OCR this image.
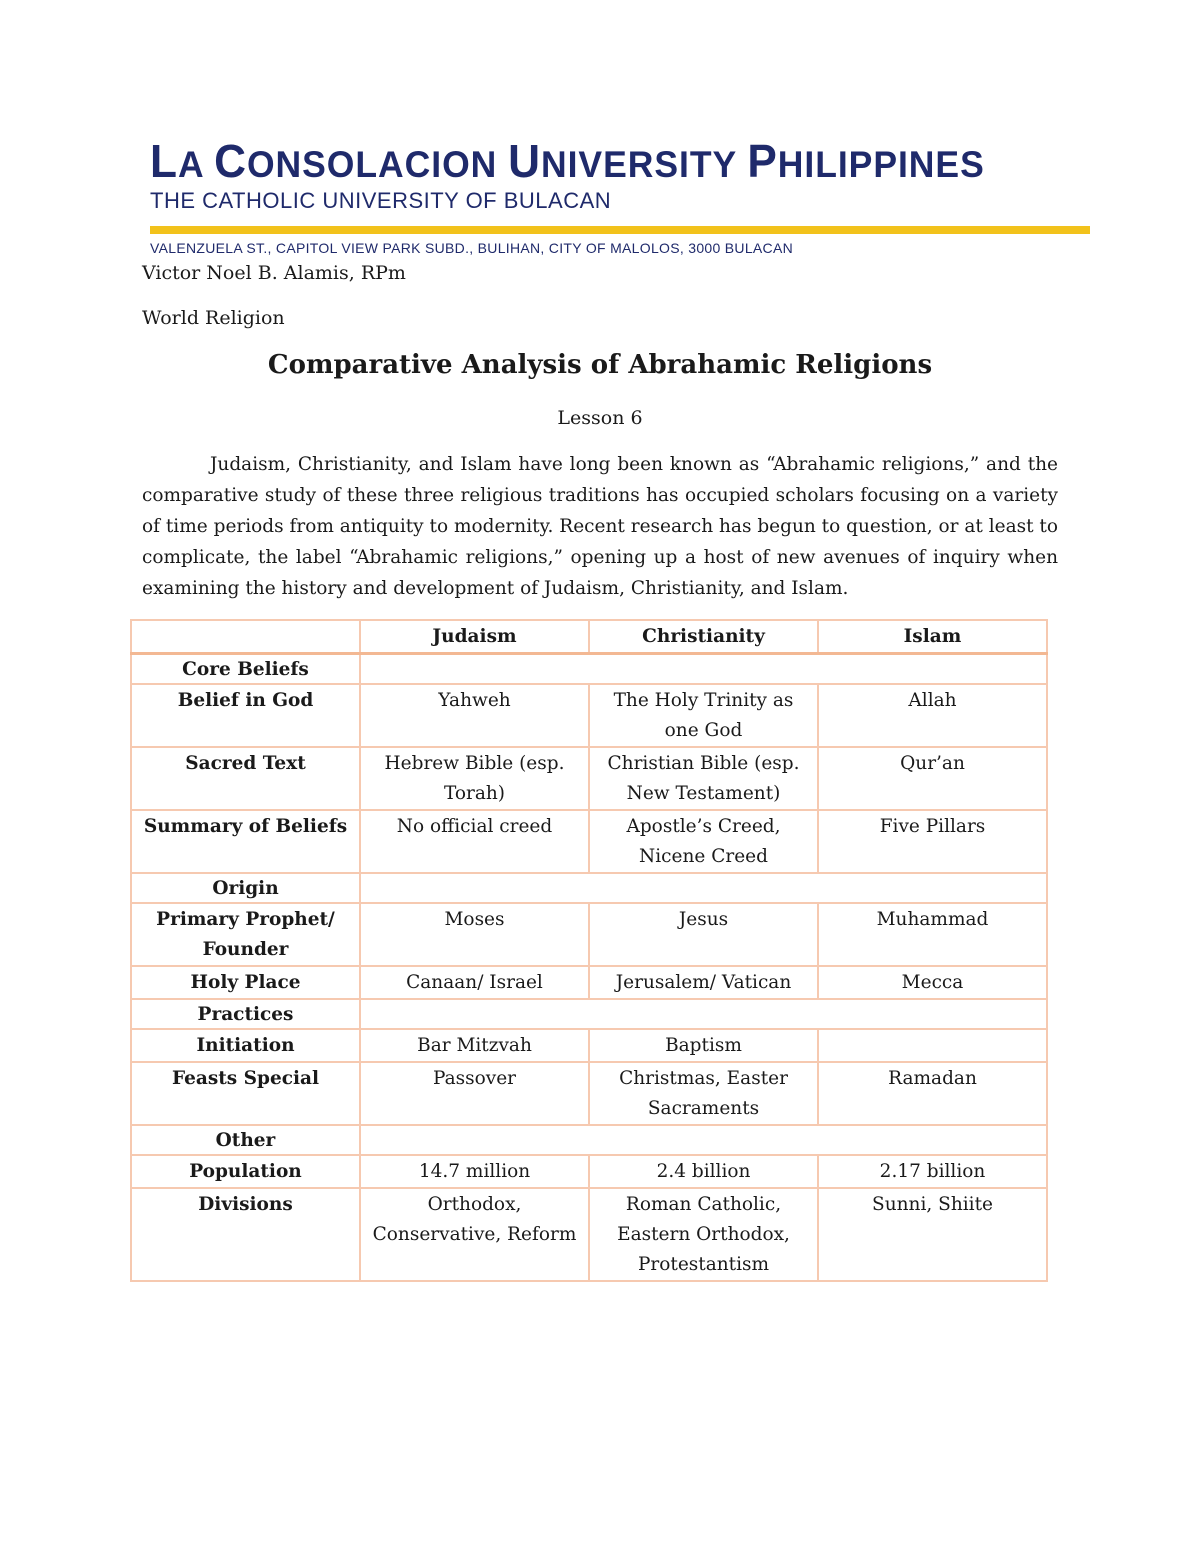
LA CONSOLACION UNIVERSITY PHILIPPINES
THE CATHOLIC UNIVERSITY OF BULACAN
VALENZUELA ST., CAPITOL VIEW PARK SUBD., BULIHAN, CITY OF MALOLOS, 3000 BULACAN
Victor Noel B. Alamis, RPm
World Religion
Comparative Analysis of Abrahamic Religions
Lesson 6

Judaism, Christianity, and Islam have long been known as “Abrahamic religions,” and the comparative study of these three religious traditions has occupied scholars focusing on a variety of time periods from antiquity to modernity. Recent research has begun to question, or at least to complicate, the label “Abrahamic religions,” opening up a host of new avenues of inquiry when examining the history and development of Judaism, Christianity, and Islam.

	Judaism	Christianity	Islam
Core Beliefs			
Belief in God	Yahweh	The Holy Trinity as one God	Allah
Sacred Text	Hebrew Bible (esp. Torah)	Christian Bible (esp. New Testament)	Qur’an
Summary of Beliefs	No official creed	Apostle’s Creed, Nicene Creed	Five Pillars
Origin			
Primary Prophet/ Founder	Moses	Jesus	Muhammad
Holy Place	Canaan/ Israel	Jerusalem/ Vatican	Mecca
Practices			
Initiation	Bar Mitzvah	Baptism	
Feasts Special	Passover	Christmas, Easter Sacraments	Ramadan
Other			
Population	14.7 million	2.4 billion	2.17 billion
Divisions	Orthodox, Conservative, Reform	Roman Catholic, Eastern Orthodox, Protestantism	Sunni, Shiite
